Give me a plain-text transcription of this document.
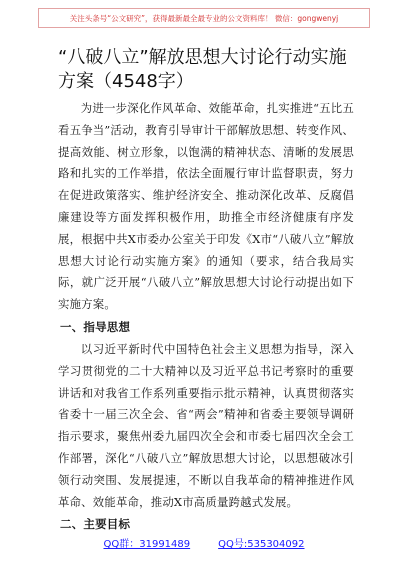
关注头条号“公文研究”，获得最新最全最专业的公文资料库！ 微信：gongwenyj
“八破八立”解放思想大讨论行动实施方案（4548字）

为进一步深化作风革命、效能革命，扎实推进“五比五看五争当”活动，教育引导审计干部解放思想、转变作风、提高效能、树立形象，以饱满的精神状态、清晰的发展思路和扎实的工作举措，依法全面履行审计监督职责，努力在促进政策落实、维护经济安全、推动深化改革、反腐倡廉建设等方面发挥积极作用，助推全市经济健康有序发展，根据中共X市委办公室关于印发《X市“八破八立”解放思想大讨论行动实施方案》的通知（要求，结合我局实际，就广泛开展“八破八立”解放思想大讨论行动提出如下实施方案。

一、指导思想

以习近平新时代中国特色社会主义思想为指导，深入学习贯彻党的二十大精神以及习近平总书记考察时的重要讲话和对我省工作系列重要指示批示精神，认真贯彻落实省委十一届三次全会、省“两会”精神和省委主要领导调研指示要求，聚焦州委九届四次全会和市委七届四次全会工作部署，深化“八破八立”解放思想大讨论，以思想破冰引领行动突围、发展提速，不断以自我革命的精神推进作风革命、效能革命，推动X市高质量跨越式发展。

二、主要目标

QQ群：31991489	QQ号:535304092
